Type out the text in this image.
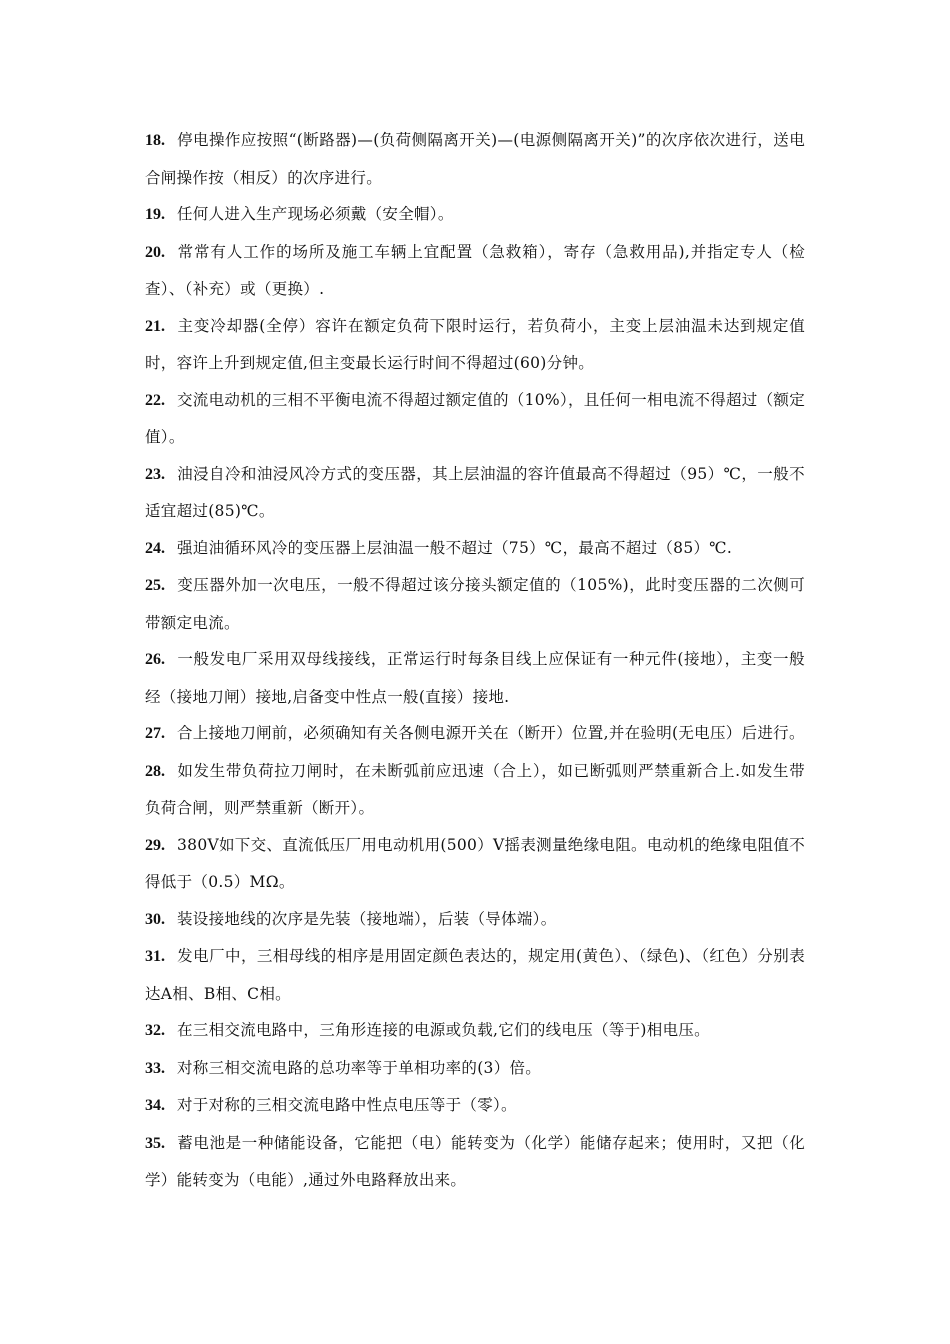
18. 停电操作应按照“(断路器)—(负荷侧隔离开关)—(电源侧隔离开关)”的次序依次进行，送电合闸操作按（相反）的次序进行。

19. 任何人进入生产现场必须戴（安全帽）。

20. 常常有人工作的场所及施工车辆上宜配置（急救箱），寄存（急救用品),并指定专人（检查）、（补充）或（更换）.

21. 主变冷却器(全停）容许在额定负荷下限时运行，若负荷小，主变上层油温未达到规定值时，容许上升到规定值,但主变最长运行时间不得超过(60)分钟。

22. 交流电动机的三相不平衡电流不得超过额定值的（10%），且任何一相电流不得超过（额定值）。

23. 油浸自冷和油浸风冷方式的变压器，其上层油温的容许值最高不得超过（95）℃，一般不适宜超过(85)℃。

24. 强迫油循环风冷的变压器上层油温一般不超过（75）℃，最高不超过（85）℃.

25. 变压器外加一次电压，一般不得超过该分接头额定值的（105%)，此时变压器的二次侧可带额定电流。

26. 一般发电厂采用双母线接线，正常运行时每条目线上应保证有一种元件(接地），主变一般经（接地刀闸）接地,启备变中性点一般(直接）接地.

27. 合上接地刀闸前，必须确知有关各侧电源开关在（断开）位置,并在验明(无电压）后进行。

28. 如发生带负荷拉刀闸时，在未断弧前应迅速（合上），如已断弧则严禁重新合上.如发生带负荷合闸，则严禁重新（断开）。

29. 380V如下交、直流低压厂用电动机用(500）V摇表测量绝缘电阻。电动机的绝缘电阻值不得低于（0.5）MΩ。

30. 装设接地线的次序是先装（接地端），后装（导体端）。

31. 发电厂中，三相母线的相序是用固定颜色表达的，规定用(黄色）、（绿色)、（红色）分别表达A相、B相、C相。

32. 在三相交流电路中，三角形连接的电源或负载,它们的线电压（等于)相电压。

33. 对称三相交流电路的总功率等于单相功率的(3）倍。

34. 对于对称的三相交流电路中性点电压等于（零）。

35. 蓄电池是一种储能设备，它能把（电）能转变为（化学）能储存起来；使用时，又把（化学）能转变为（电能）,通过外电路释放出来。
